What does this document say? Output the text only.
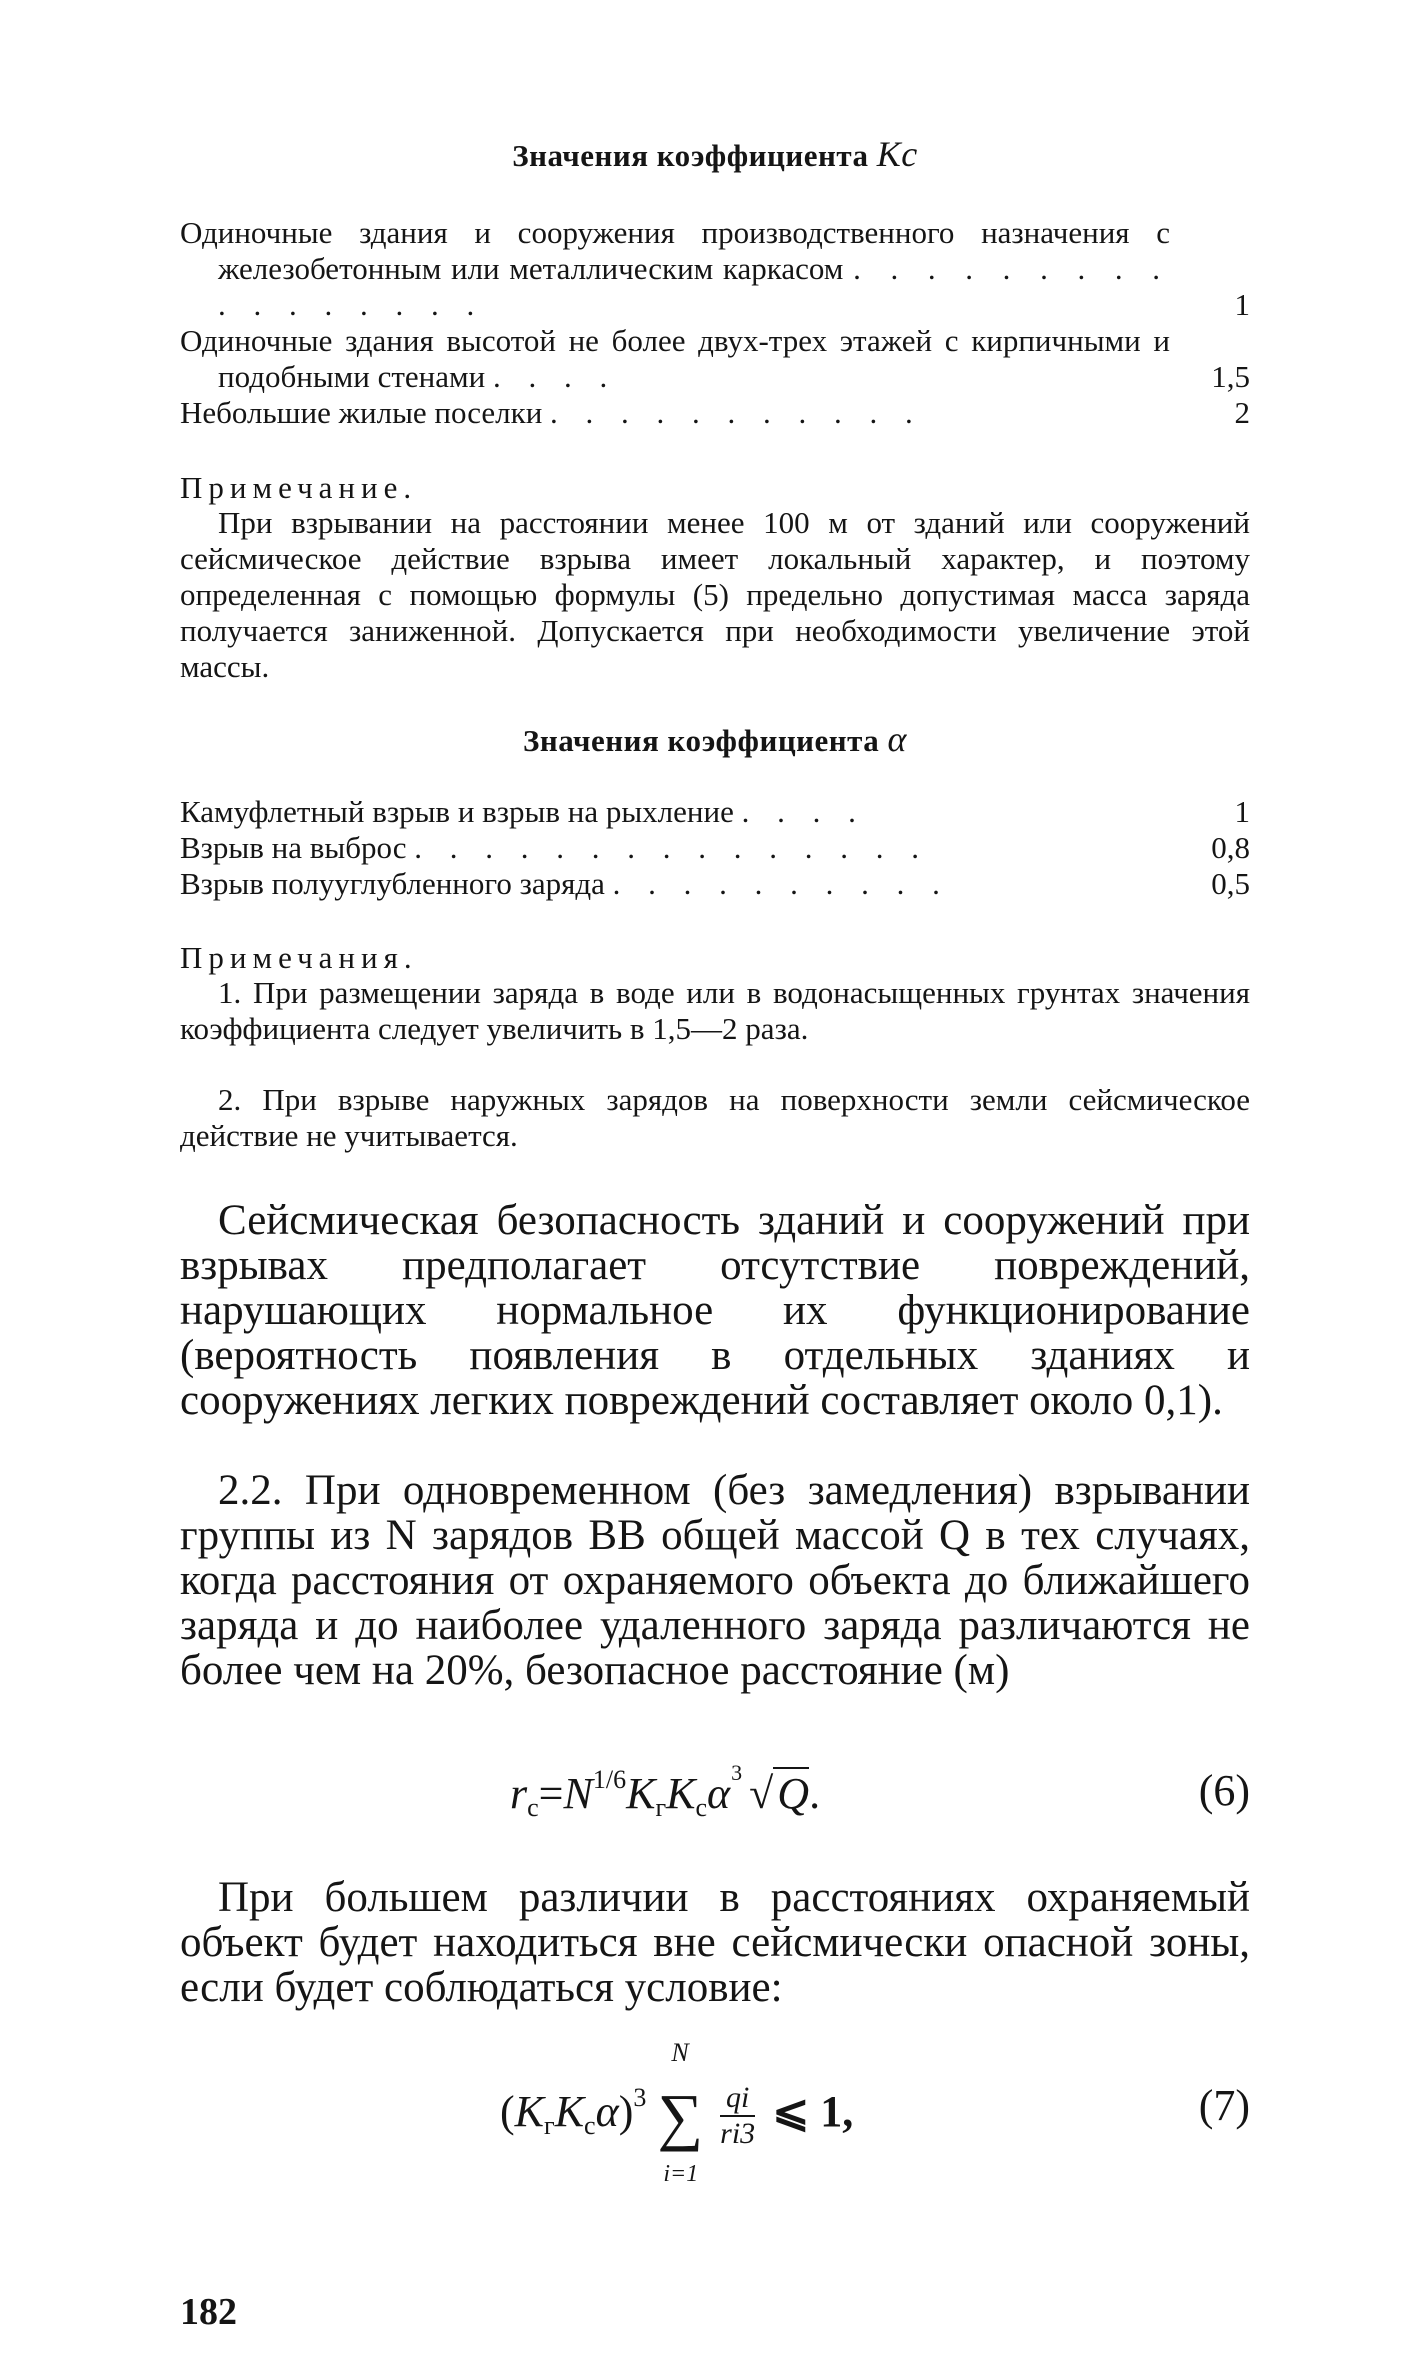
Значения коэффициента Kc
Одиночные здания и сооружения производственного назначения с железобетонным или металлическим каркасом . . . . . . . . . . . . . . . . .	1
Одиночные здания высотой не более двух-трех этажей с кирпичными и подобными стенами . . . .	1,5
Небольшие жилые поселки . . . . . . . . . . .	2
Примечание.
При взрывании на расстоянии менее 100 м от зданий или сооружений сейсмическое действие взрыва имеет локальный характер, и поэтому определенная с помощью формулы (5) предельно допустимая масса заряда получается заниженной. Допускается при необходимости увеличение этой массы.
Значения коэффициента α
Камуфлетный взрыв и взрыв на рыхление . . . .	1
Взрыв на выброс . . . . . . . . . . . . . . .	0,8
Взрыв полууглубленного заряда . . . . . . . . . .	0,5
Примечания.
1. При размещении заряда в воде или в водонасыщенных грунтах значения коэффициента следует увеличить в 1,5—2 раза.
2. При взрыве наружных зарядов на поверхности земли сейсмическое действие не учитывается.
Сейсмическая безопасность зданий и сооружений при взрывах предполагает отсутствие повреждений, нарушающих нормальное их функционирование (вероятность появления в отдельных зданиях и сооружениях легких повреждений составляет около 0,1).
2.2. При одновременном (без замедления) взрывании группы из N зарядов ВВ общей массой Q в тех случаях, когда расстояния от охраняемого объекта до ближайшего заряда и до наиболее удаленного заряда различаются не более чем на 20%, безопасное расстояние (м)
$r_c=N^{1/6}K_гK_c\alpha$ 3 √Q.	(6)
При большем различии в расстояниях охраняемый объект будет находиться вне сейсмически опасной зоны, если будет соблюдаться условие:
$(K_гK_c\alpha)^3$
N
∑
i=1

$\frac{qi}{ri3}$ ⩽ 1,	(7)
182
